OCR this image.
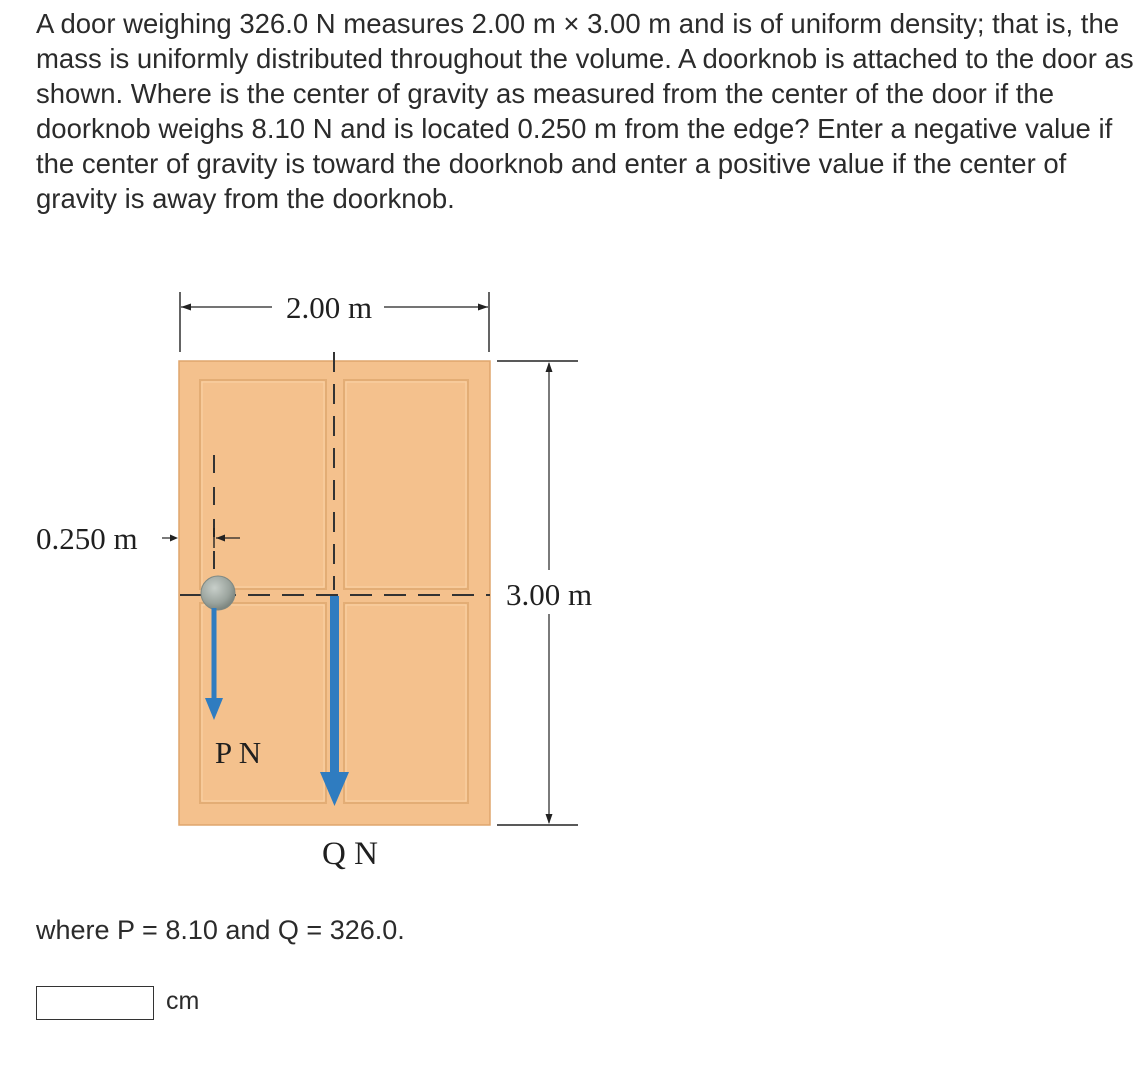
A door weighing 326.0 N measures 2.00 m × 3.00 m and is of uniform density; that is, the mass is uniformly distributed throughout the volume. A doorknob is attached to the door as shown. Where is the center of gravity as measured from the center of the door if the doorknob weighs 8.10 N and is located 0.250 m from the edge? Enter a negative value if the center of gravity is toward the doorknob and enter a positive value if the center of gravity is away from the doorknob.

2.00 m
0.250 m
P N
Q N
3.00 m

where P = 8.10 and Q = 326.0.

cm
